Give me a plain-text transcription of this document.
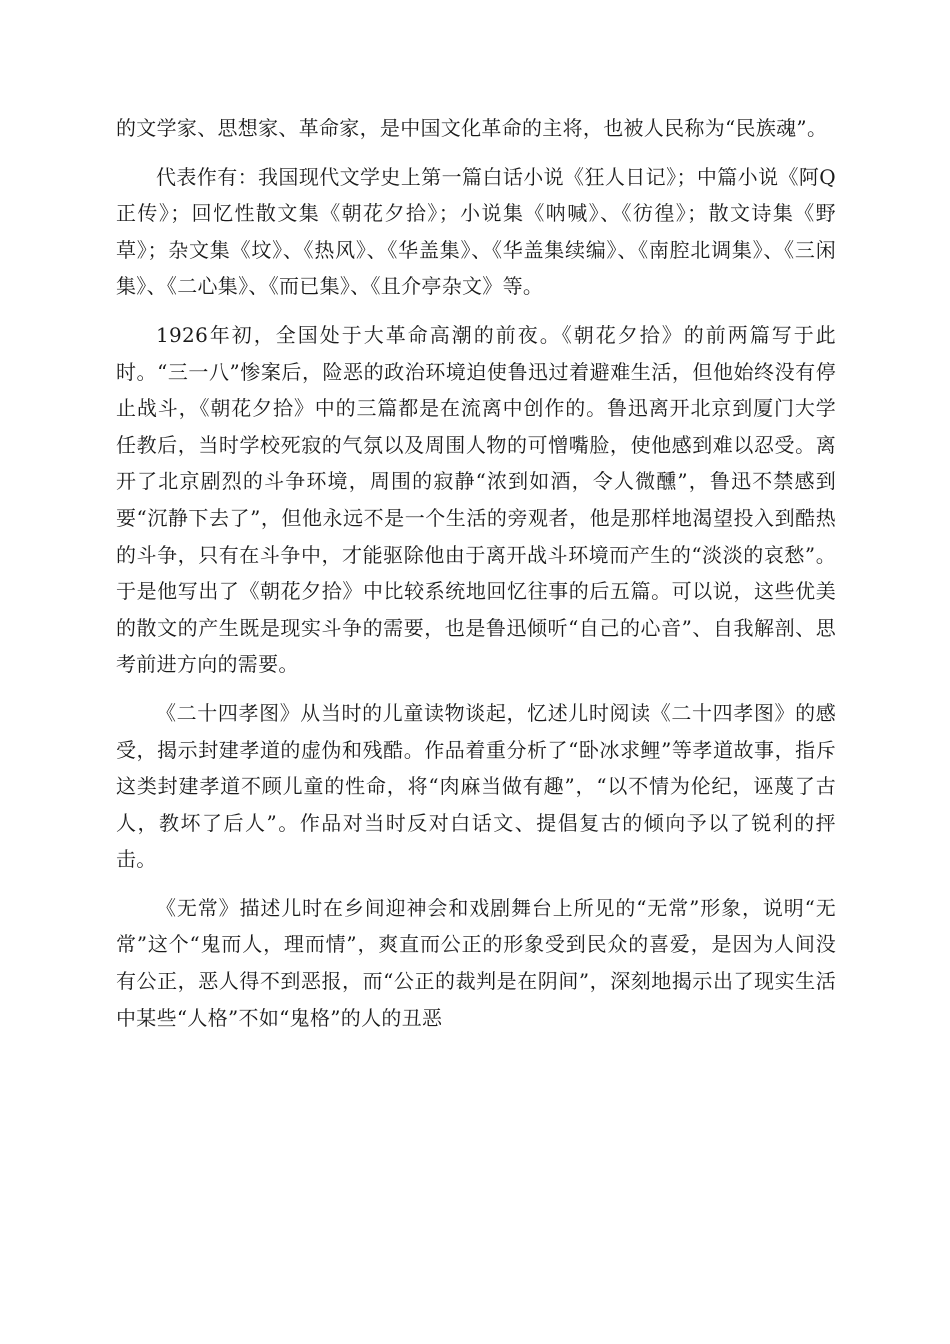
的文学家、思想家、革命家，是中国文化革命的主将，也被人民称为“民族魂”。

代表作有：我国现代文学史上第一篇白话小说《狂人日记》；中篇小说《阿Q正传》；回忆性散文集《朝花夕拾》；小说集《呐喊》、《彷徨》；散文诗集《野草》；杂文集《坟》、《热风》、《华盖集》、《华盖集续编》、《南腔北调集》、《三闲集》、《二心集》、《而已集》、《且介亭杂文》等。

1926年初，全国处于大革命高潮的前夜。《朝花夕拾》的前两篇写于此时。“三一八”惨案后，险恶的政治环境迫使鲁迅过着避难生活，但他始终没有停止战斗，《朝花夕拾》中的三篇都是在流离中创作的。鲁迅离开北京到厦门大学任教后，当时学校死寂的气氛以及周围人物的可憎嘴脸，使他感到难以忍受。离开了北京剧烈的斗争环境，周围的寂静“浓到如酒，令人微醺”，鲁迅不禁感到要“沉静下去了”，但他永远不是一个生活的旁观者，他是那样地渴望投入到酷热的斗争，只有在斗争中，才能驱除他由于离开战斗环境而产生的“淡淡的哀愁”。于是他写出了《朝花夕拾》中比较系统地回忆往事的后五篇。可以说，这些优美的散文的产生既是现实斗争的需要，也是鲁迅倾听“自己的心音”、自我解剖、思考前进方向的需要。

《二十四孝图》从当时的儿童读物谈起，忆述儿时阅读《二十四孝图》的感受，揭示封建孝道的虚伪和残酷。作品着重分析了“卧冰求鲤”等孝道故事，指斥这类封建孝道不顾儿童的性命，将“肉麻当做有趣”，“以不情为伦纪，诬蔑了古人，教坏了后人”。作品对当时反对白话文、提倡复古的倾向予以了锐利的抨击。

《无常》描述儿时在乡间迎神会和戏剧舞台上所见的“无常”形象，说明“无常”这个“鬼而人，理而情”，爽直而公正的形象受到民众的喜爱，是因为人间没有公正，恶人得不到恶报，而“公正的裁判是在阴间”，深刻地揭示出了现实生活中某些“人格”不如“鬼格”的人的丑恶
